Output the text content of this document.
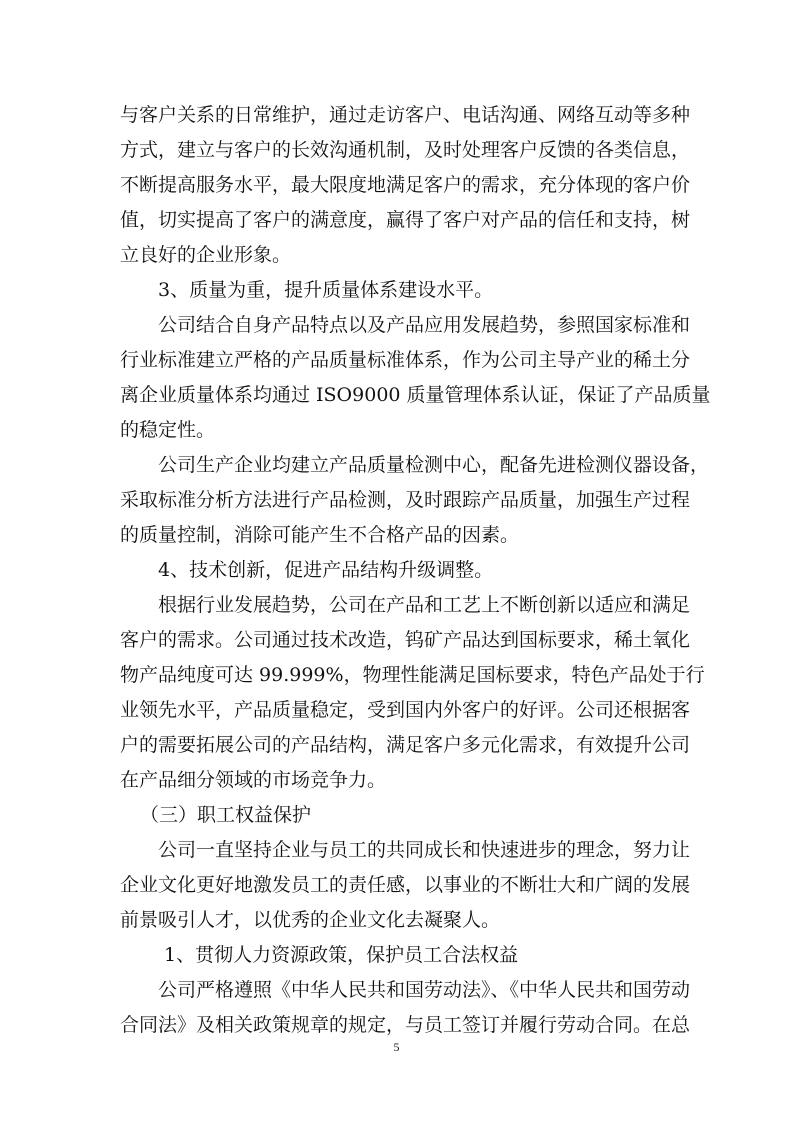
与客户关系的日常维护，通过走访客户、电话沟通、网络互动等多种
方式，建立与客户的长效沟通机制，及时处理客户反馈的各类信息，
不断提高服务水平，最大限度地满足客户的需求，充分体现的客户价
值，切实提高了客户的满意度，赢得了客户对产品的信任和支持，树
立良好的企业形象。
3、质量为重，提升质量体系建设水平。
公司结合自身产品特点以及产品应用发展趋势，参照国家标准和
行业标准建立严格的产品质量标准体系，作为公司主导产业的稀土分
离企业质量体系均通过 ISO9000 质量管理体系认证，保证了产品质量
的稳定性。
公司生产企业均建立产品质量检测中心，配备先进检测仪器设备，
采取标准分析方法进行产品检测，及时跟踪产品质量，加强生产过程
的质量控制，消除可能产生不合格产品的因素。
4、技术创新，促进产品结构升级调整。
根据行业发展趋势，公司在产品和工艺上不断创新以适应和满足
客户的需求。公司通过技术改造，钨矿产品达到国标要求，稀土氧化
物产品纯度可达 99.999%，物理性能满足国标要求，特色产品处于行
业领先水平，产品质量稳定，受到国内外客户的好评。公司还根据客
户的需要拓展公司的产品结构，满足客户多元化需求，有效提升公司
在产品细分领域的市场竞争力。
（三）职工权益保护
公司一直坚持企业与员工的共同成长和快速进步的理念，努力让
企业文化更好地激发员工的责任感，以事业的不断壮大和广阔的发展
前景吸引人才，以优秀的企业文化去凝聚人。
1、贯彻人力资源政策，保护员工合法权益
公司严格遵照《中华人民共和国劳动法》、《中华人民共和国劳动
合同法》及相关政策规章的规定，与员工签订并履行劳动合同。在总
5
